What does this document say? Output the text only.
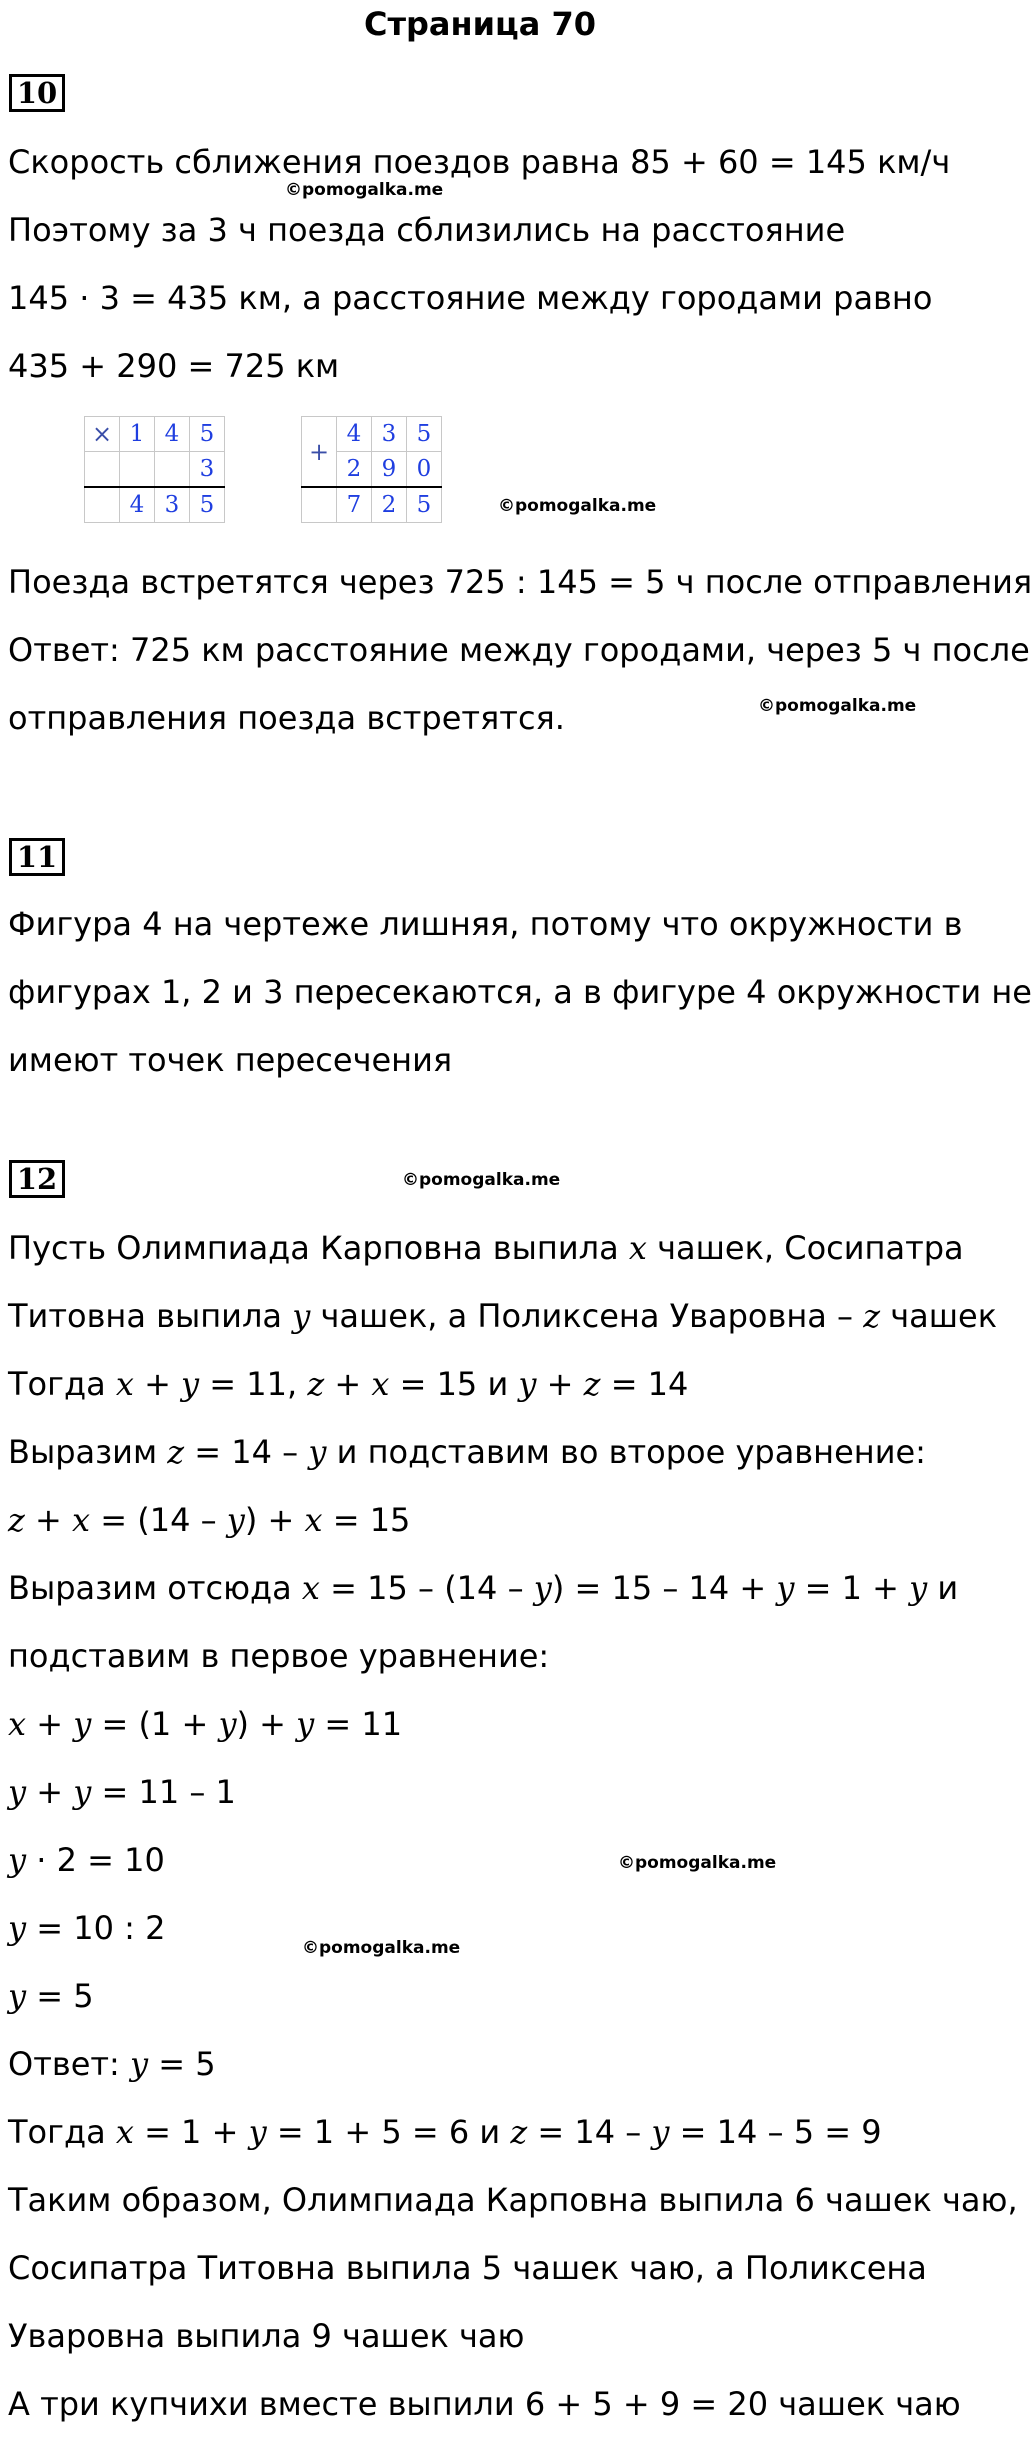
Страница 70
10
Скорость сближения поездов равна 85 + 60 = 145 км/ч
©pomogalka.me
Поэтому за 3 ч поезда сблизились на расстояние
145 · 3 = 435 км, а расстояние между городами равно
435 + 290 = 725 км
×	1	4	5
			3
	4	3	5
+	4	3	5
	2	9	0
	7	2	5	©pomogalka.me
Поезда встретятся через 725 : 145 = 5 ч после отправления
Ответ: 725 км расстояние между городами, через 5 ч после
©pomogalka.me
отправления поезда встретятся.
11
Фигура 4 на чертеже лишняя, потому что окружности в
фигурах 1, 2 и 3 пересекаются, а в фигуре 4 окружности не
имеют точек пересечения
12	©pomogalka.me
Пусть Олимпиада Карповна выпила x чашек, Сосипатра
Титовна выпила y чашек, а Поликсена Уваровна – z чашек
Тогда x + y = 11, z + x = 15 и y + z = 14
Выразим z = 14 – y и подставим во второе уравнение:
z + x = (14 – y) + x = 15
Выразим отсюда x = 15 – (14 – y) = 15 – 14 + y = 1 + y и
подставим в первое уравнение:
x + y = (1 + y) + y = 11
y + y = 11 – 1
y · 2 = 10	©pomogalka.me
y = 10 : 2
©pomogalka.me
y = 5
Ответ: y = 5
Тогда x = 1 + y = 1 + 5 = 6 и z = 14 – y = 14 – 5 = 9
Таким образом, Олимпиада Карповна выпила 6 чашек чаю,
Сосипатра Титовна выпила 5 чашек чаю, а Поликсена
Уваровна выпила 9 чашек чаю
А три купчихи вместе выпили 6 + 5 + 9 = 20 чашек чаю
